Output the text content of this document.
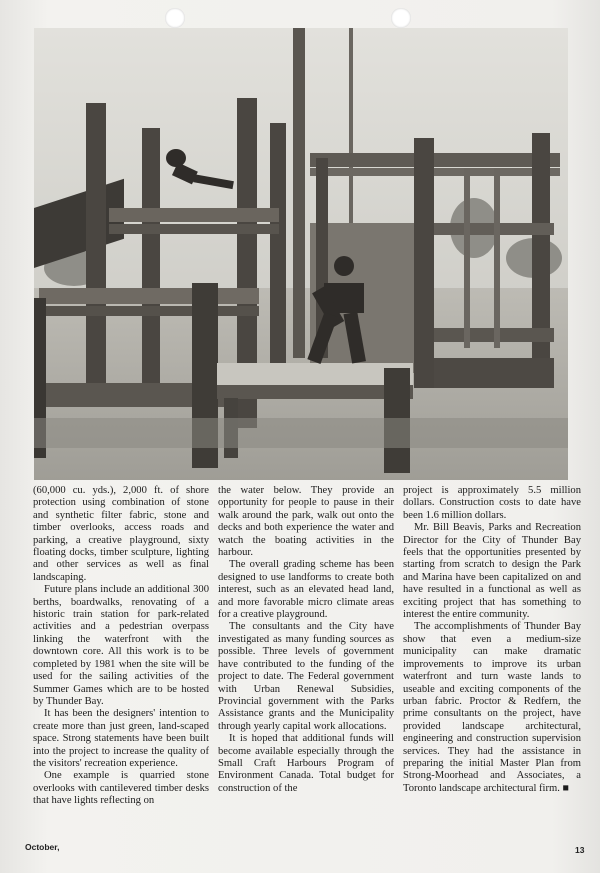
(60,000 cu. yds.), 2,000 ft. of shore protection using combination of stone and synthetic filter fabric, stone and timber overlooks, access roads and parking, a creative playground, sixty floating docks, timber sculpture, lighting and other services as well as final landscaping.

Future plans include an additional 300 berths, boardwalks, renovating of a historic train station for park-related activities and a pedestrian overpass linking the waterfront with the downtown core. All this work is to be completed by 1981 when the site will be used for the sailing activities of the Summer Games which are to be hosted by Thunder Bay.

It has been the designers' intention to create more than just green, land-scaped space. Strong statements have been built into the project to increase the quality of the visitors' recreation experience.

One example is quarried stone overlooks with cantilevered timber desks that have lights reflecting on

the water below. They provide an opportunity for people to pause in their walk around the park, walk out onto the decks and both experience the water and watch the boating activities in the harbour.

The overall grading scheme has been designed to use landforms to create both interest, such as an elevated head land, and more favorable micro climate areas for a creative playground.

The consultants and the City have investigated as many funding sources as possible. Three levels of government have contributed to the funding of the project to date. The Federal government with Urban Renewal Subsidies, Provincial government with the Parks Assistance grants and the Municipality through yearly capital work allocations.

It is hoped that additional funds will become available especially through the Small Craft Harbours Program of Environment Canada. Total budget for construction of the

project is approximately 5.5 million dollars. Construction costs to date have been 1.6 million dollars.

Mr. Bill Beavis, Parks and Recreation Director for the City of Thunder Bay feels that the opportunities presented by starting from scratch to design the Park and Marina have been capitalized on and have resulted in a functional as well as exciting project that has something to interest the entire community.

The accomplishments of Thunder Bay show that even a medium-size municipality can make dramatic improvements to improve its urban waterfront and turn waste lands to useable and exciting components of the urban fabric. Proctor & Redfern, the prime consultants on the project, have provided landscape architectural, engineering and construction supervision services. They had the assistance in preparing the initial Master Plan from Strong-Moorhead and Associates, a Toronto landscape architectural firm. ■

October,	13
